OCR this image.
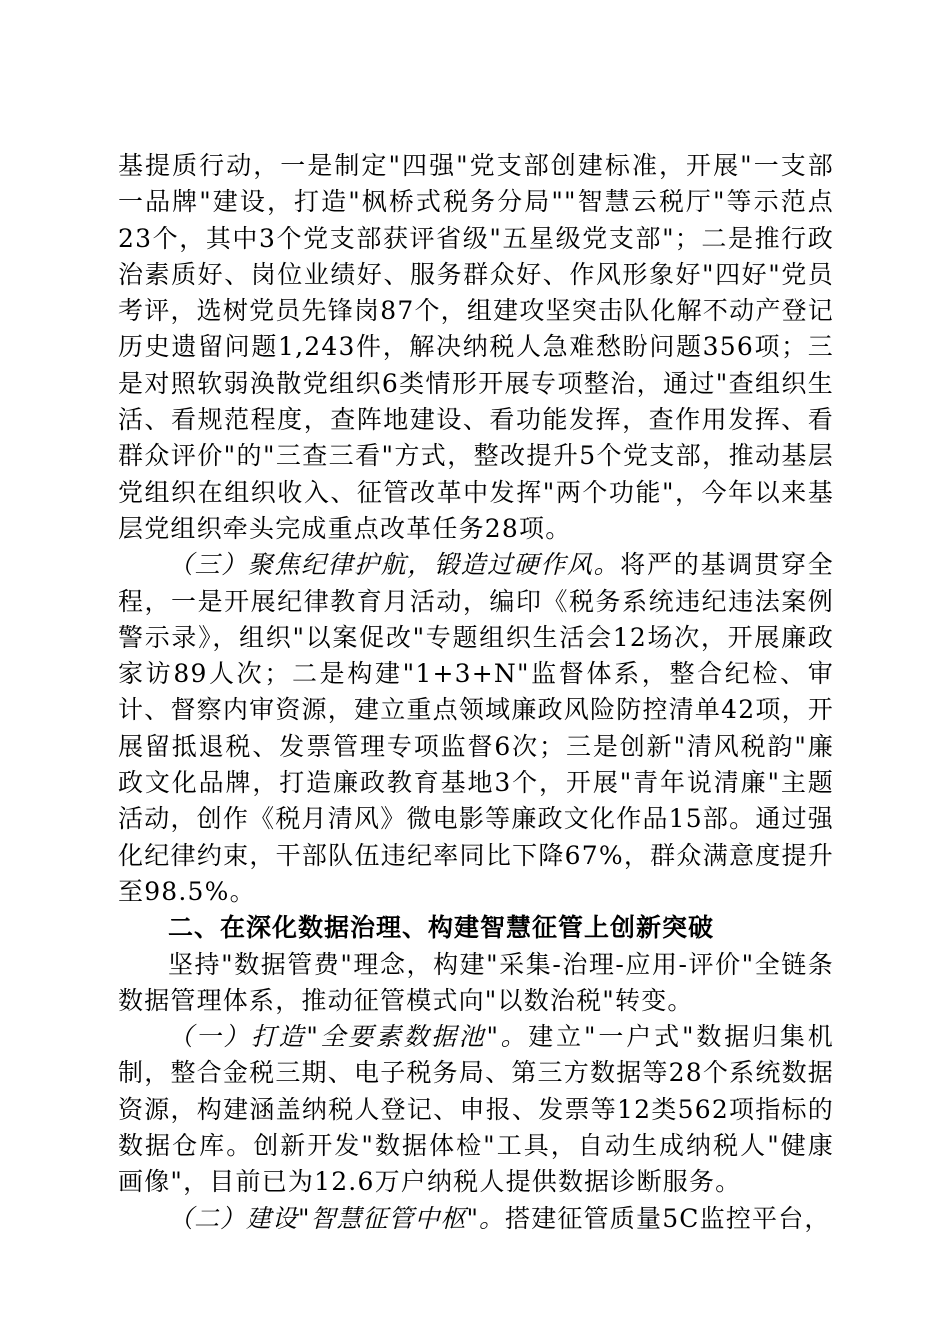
基提质行动，一是制定"四强"党支部创建标准，开展"一支部一品牌"建设，打造"枫桥式税务分局""智慧云税厅"等示范点23个，其中3个党支部获评省级"五星级党支部"；二是推行政治素质好、岗位业绩好、服务群众好、作风形象好"四好"党员考评，选树党员先锋岗87个，组建攻坚突击队化解不动产登记历史遗留问题1,243件，解决纳税人急难愁盼问题356项；三是对照软弱涣散党组织6类情形开展专项整治，通过"查组织生活、看规范程度，查阵地建设、看功能发挥，查作用发挥、看群众评价"的"三查三看"方式，整改提升5个党支部，推动基层党组织在组织收入、征管改革中发挥"两个功能"，今年以来基层党组织牵头完成重点改革任务28项。

（三）聚焦纪律护航，锻造过硬作风。将严的基调贯穿全程，一是开展纪律教育月活动，编印《税务系统违纪违法案例警示录》，组织"以案促改"专题组织生活会12场次，开展廉政家访89人次；二是构建"1+3+N"监督体系，整合纪检、审计、督察内审资源，建立重点领域廉政风险防控清单42项，开展留抵退税、发票管理专项监督6次；三是创新"清风税韵"廉政文化品牌，打造廉政教育基地3个，开展"青年说清廉"主题活动，创作《税月清风》微电影等廉政文化作品15部。通过强化纪律约束，干部队伍违纪率同比下降67%，群众满意度提升至98.5%。

二、在深化数据治理、构建智慧征管上创新突破

坚持"数据管费"理念，构建"采集-治理-应用-评价"全链条数据管理体系，推动征管模式向"以数治税"转变。

（一）打造"全要素数据池"。建立"一户式"数据归集机制，整合金税三期、电子税务局、第三方数据等28个系统数据资源，构建涵盖纳税人登记、申报、发票等12类562项指标的数据仓库。创新开发"数据体检"工具，自动生成纳税人"健康画像"，目前已为12.6万户纳税人提供数据诊断服务。

（二）建设"智慧征管中枢"。搭建征管质量5C监控平台，
